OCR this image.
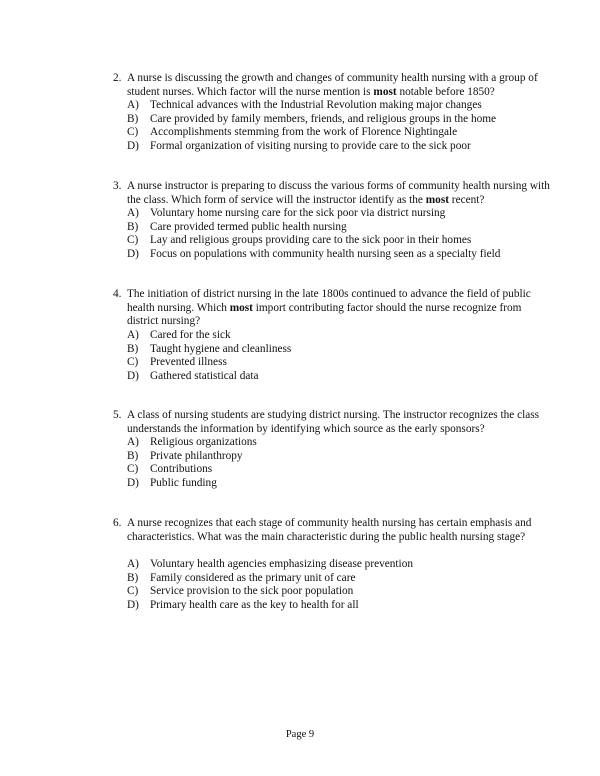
2. A nurse is discussing the growth and changes of community health nursing with a group of student nurses. Which factor will the nurse mention is most notable before 1850?

A) Technical advances with the Industrial Revolution making major changes
B) Care provided by family members, friends, and religious groups in the home
C) Accomplishments stemming from the work of Florence Nightingale
D) Formal organization of visiting nursing to provide care to the sick poor

3. A nurse instructor is preparing to discuss the various forms of community health nursing with the class. Which form of service will the instructor identify as the most recent?

A) Voluntary home nursing care for the sick poor via district nursing
B) Care provided termed public health nursing
C) Lay and religious groups providing care to the sick poor in their homes
D) Focus on populations with community health nursing seen as a specialty field

4. The initiation of district nursing in the late 1800s continued to advance the field of public health nursing. Which most import contributing factor should the nurse recognize from district nursing?

A) Cared for the sick
B) Taught hygiene and cleanliness
C) Prevented illness
D) Gathered statistical data

5. A class of nursing students are studying district nursing. The instructor recognizes the class understands the information by identifying which source as the early sponsors?

A) Religious organizations
B) Private philanthropy
C) Contributions
D) Public funding

6. A nurse recognizes that each stage of community health nursing has certain emphasis and characteristics. What was the main characteristic during the public health nursing stage?

A) Voluntary health agencies emphasizing disease prevention
B) Family considered as the primary unit of care
C) Service provision to the sick poor population
D) Primary health care as the key to health for all
Page 9
